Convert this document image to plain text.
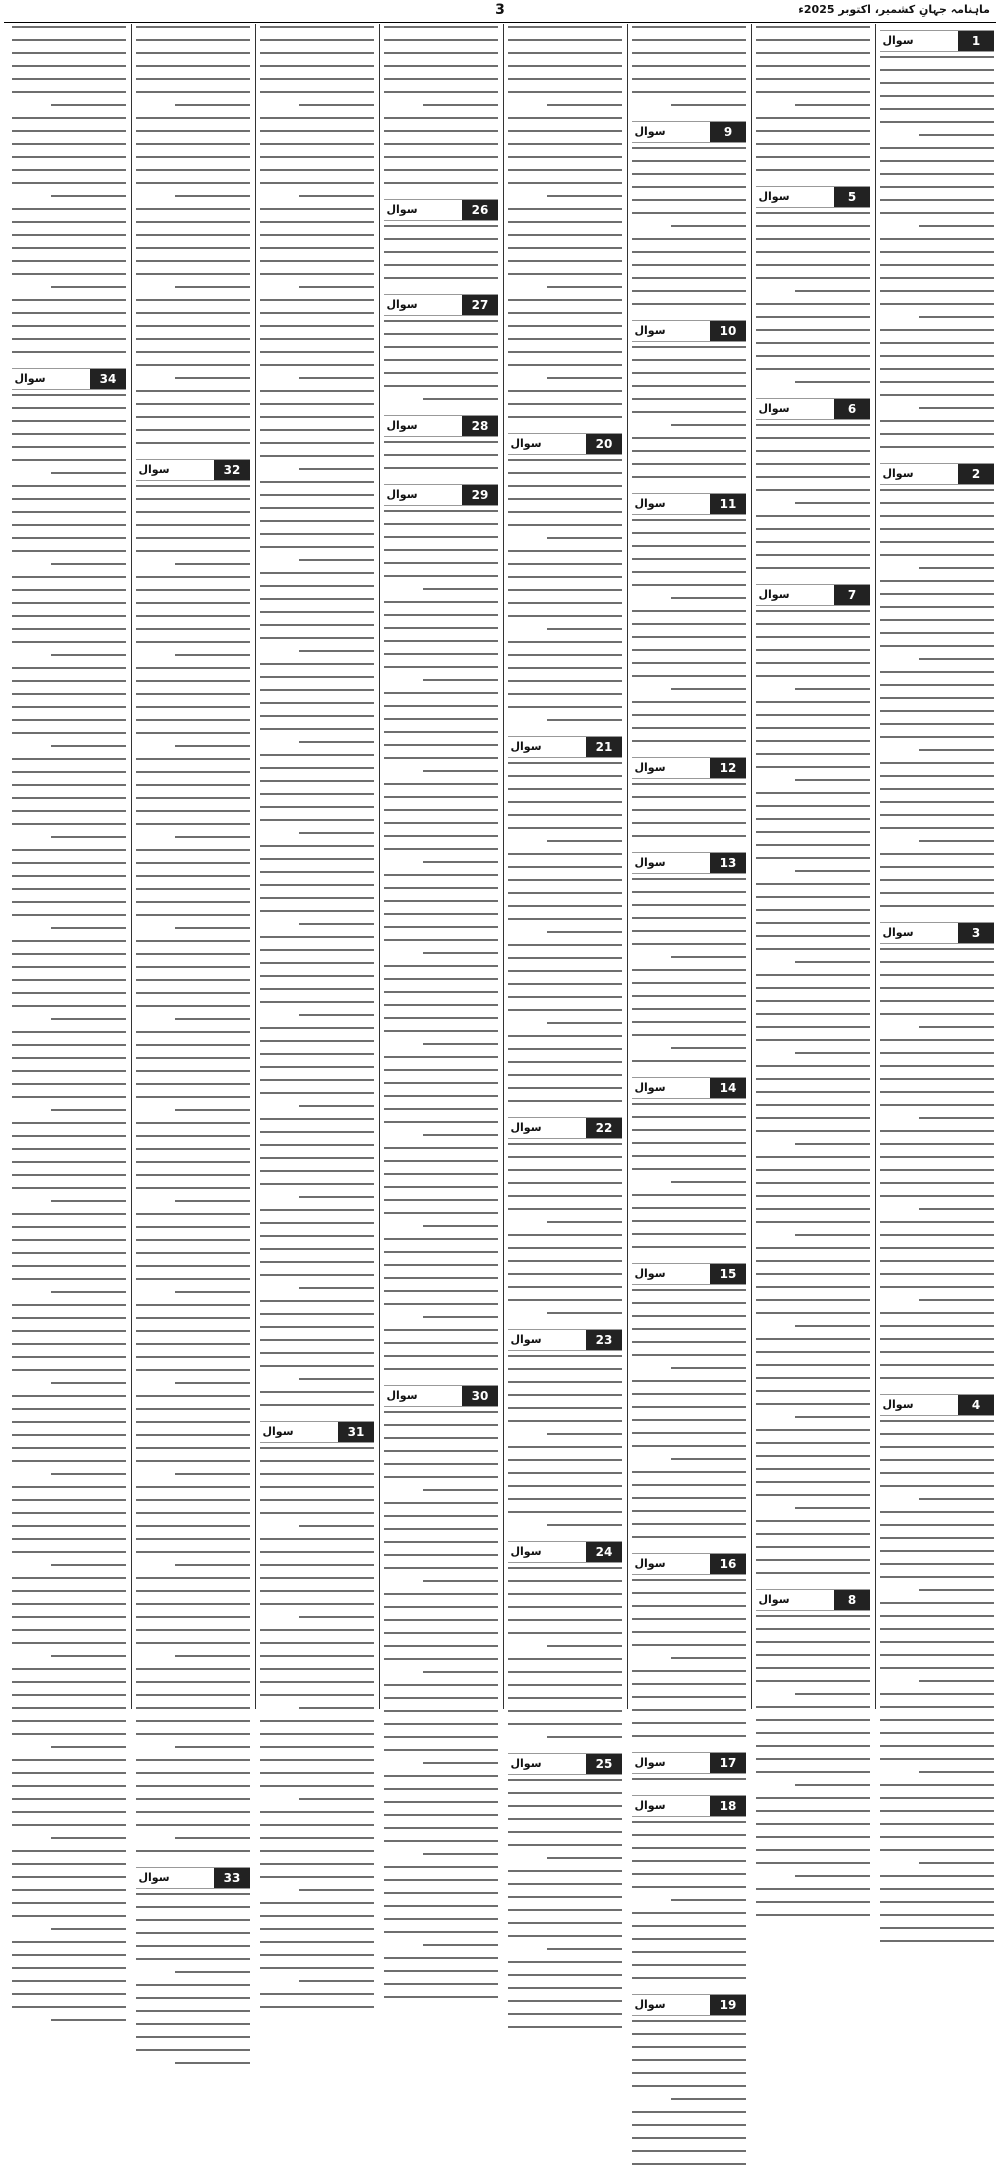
3	ماہنامہ جہانِ کشمیر، اکتوبر 2025ء
1
سوال
2
سوال
3
سوال
4
سوال
5
سوال
6
سوال
7
سوال
8
سوال
9
سوال
10
سوال
11
سوال
12
سوال
13
سوال
14
سوال
15
سوال
16
سوال
17
سوال
18
سوال
19
سوال
20
سوال
21
سوال
22
سوال
23
سوال
24
سوال
25
سوال
26
سوال
27
سوال
28
سوال
29
سوال
30
سوال
31
سوال
32
سوال
33
سوال
34
سوال
